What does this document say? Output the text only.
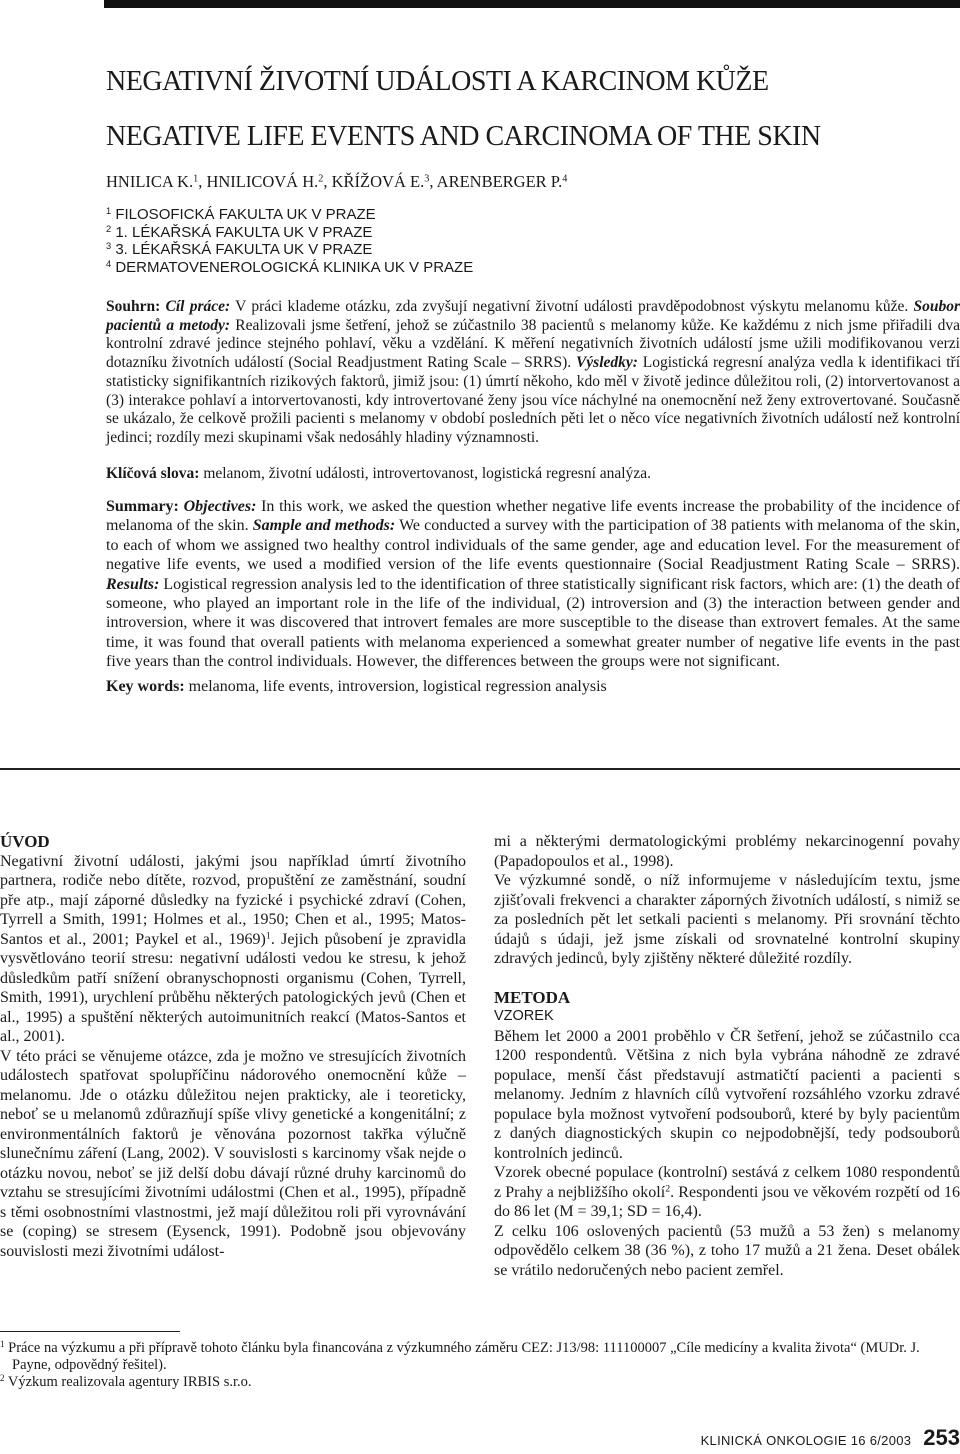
NEGATIVNÍ ŽIVOTNÍ UDÁLOSTI A KARCINOM KŮŽE
NEGATIVE LIFE EVENTS AND CARCINOMA OF THE SKIN
HNILICA K.$^1$, HNILICOVÁ H.$^2$, KŘÍŽOVÁ E.$^3$, ARENBERGER P.$^4$
$^1$ FILOSOFICKÁ FAKULTA UK V PRAZE
$^2$ 1. LÉKAŘSKÁ FAKULTA UK V PRAZE
$^3$ 3. LÉKAŘSKÁ FAKULTA UK V PRAZE
$^4$ DERMATOVENEROLOGICKÁ KLINIKA UK V PRAZE

Souhrn: Cíl práce: V práci klademe otázku, zda zvyšují negativní životní události pravděpodobnost výskytu melanomu kůže. Soubor pacientů a metody: Realizovali jsme šetření, jehož se zúčastnilo 38 pacientů s melanomy kůže. Ke každému z nich jsme přiřadili dva kontrolní zdravé jedince stejného pohlaví, věku a vzdělání. K měření negativních životních událostí jsme užili modifikovanou verzi dotazníku životních událostí (Social Readjustment Rating Scale – SRRS). Výsledky: Logistická regresní analýza vedla k identifikaci tří statisticky signifikantních rizikových faktorů, jimiž jsou: (1) úmrtí někoho, kdo měl v životě jedince důležitou roli, (2) intorvertovanost a (3) interakce pohlaví a intorvertovanosti, kdy introvertované ženy jsou více náchylné na onemocnění než ženy extrovertované. Současně se ukázalo, že celkově prožili pacienti s melanomy v období posledních pěti let o něco více negativních životních událostí než kontrolní jedinci; rozdíly mezi skupinami však nedosáhly hladiny významnosti.

Klíčová slova: melanom, životní události, introvertovanost, logistická regresní analýza.

Summary: Objectives: In this work, we asked the question whether negative life events increase the probability of the incidence of melanoma of the skin. Sample and methods: We conducted a survey with the participation of 38 patients with melanoma of the skin, to each of whom we assigned two healthy control individuals of the same gender, age and education level. For the measurement of negative life events, we used a modified version of the life events questionnaire (Social Readjustment Rating Scale – SRRS). Results: Logistical regression analysis led to the identification of three statistically significant risk factors, which are: (1) the death of someone, who played an important role in the life of the individual, (2) introversion and (3) the interaction between gender and introversion, where it was discovered that introvert females are more susceptible to the disease than extrovert females. At the same time, it was found that overall patients with melanoma experienced a somewhat greater number of negative life events in the past five years than the control individuals. However, the differences between the groups were not significant.

Key words: melanoma, life events, introversion, logistical regression analysis

ÚVOD

Negativní životní události, jakými jsou například úmrtí životního partnera, rodiče nebo dítěte, rozvod, propuštění ze zaměstnání, soudní pře atp., mají záporné důsledky na fyzické i psychické zdraví (Cohen, Tyrrell a Smith, 1991; Holmes et al., 1950; Chen et al., 1995; Matos-Santos et al., 2001; Paykel et al., 1969)$^1$. Jejich působení je zpravidla vysvětlováno teorií stresu: negativní události vedou ke stresu, k jehož důsledkům patří snížení obranyschopnosti organismu (Cohen, Tyrrell, Smith, 1991), urychlení průběhu některých patologických jevů (Chen et al., 1995) a spuštění některých autoimunitních reakcí (Matos-Santos et al., 2001).

V této práci se věnujeme otázce, zda je možno ve stresujících životních událostech spatřovat spolupříčinu nádorového onemocnění kůže – melanomu. Jde o otázku důležitou nejen prakticky, ale i teoreticky, neboť se u melanomů zdůrazňují spíše vlivy genetické a kongenitální; z environmentálních faktorů je věnována pozornost takřka výlučně slunečnímu záření (Lang, 2002). V souvislosti s karcinomy však nejde o otázku novou, neboť se již delší dobu dávají různé druhy karcinomů do vztahu se stresujícími životními událostmi (Chen et al., 1995), případně s těmi osobnostními vlastnostmi, jež mají důležitou roli při vyrovnávání se (coping) se stresem (Eysenck, 1991). Podobně jsou objevovány souvislosti mezi životními událost-

mi a některými dermatologickými problémy nekarcinogenní povahy (Papadopoulos et al., 1998).

Ve výzkumné sondě, o níž informujeme v následujícím textu, jsme zjišťovali frekvenci a charakter záporných životních událostí, s nimiž se za posledních pět let setkali pacienti s melanomy. Při srovnání těchto údajů s údaji, jež jsme získali od srovnatelné kontrolní skupiny zdravých jedinců, byly zjištěny některé důležité rozdíly.

METODA

VZOREK

Během let 2000 a 2001 proběhlo v ČR šetření, jehož se zúčastnilo cca 1200 respondentů. Většina z nich byla vybrána náhodně ze zdravé populace, menší část představují astmatičtí pacienti a pacienti s melanomy. Jedním z hlavních cílů vytvoření rozsáhlého vzorku zdravé populace byla možnost vytvoření podsouborů, které by byly pacientům z daných diagnostických skupin co nejpodobnější, tedy podsouborů kontrolních jedinců.

Vzorek obecné populace (kontrolní) sestává z celkem 1080 respondentů z Prahy a nejbližšího okolí$^2$. Respondenti jsou ve věkovém rozpětí od 16 do 86 let (M = 39,1; SD = 16,4).

Z celku 106 oslovených pacientů (53 mužů a 53 žen) s melanomy odpovědělo celkem 38 (36 %), z toho 17 mužů a 21 žena. Deset obálek se vrátilo nedoručených nebo pacient zemřel.

$^1$ Práce na výzkumu a při přípravě tohoto článku byla financována z výzkumného záměru CEZ: J13/98: 111100007 „Cíle medicíny a kvalita života“ (MUDr. J. Payne, odpovědný řešitel).
$^2$ Výzkum realizovala agentury IRBIS s.r.o.
KLINICKÁ ONKOLOGIE 16 6/2003 253
